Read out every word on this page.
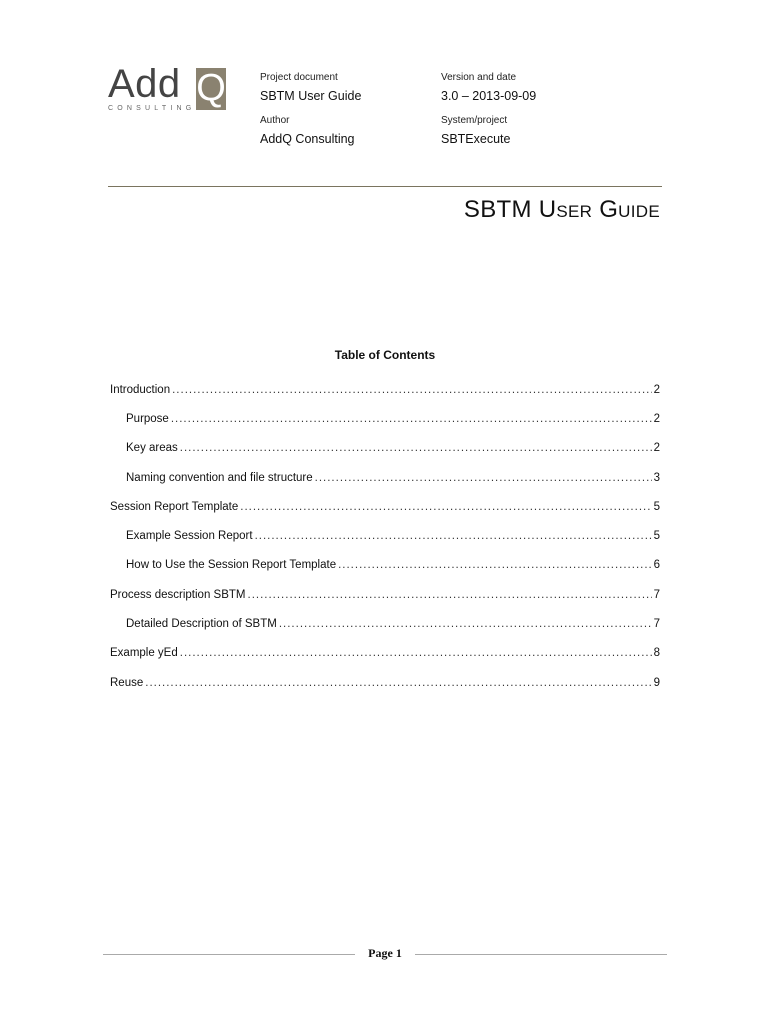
Add Q
CONSULTING
Project document
SBTM User Guide
Version and date
3.0 – 2013-09-09
Author
AddQ Consulting
System/project
SBTExecute
SBTM User Guide
Table of Contents
Introduction .....	2
Purpose .....	2
Key areas .....	2
Naming convention and file structure .....	3
Session Report Template .....	5
Example Session Report .....	5
How to Use the Session Report Template .....	6
Process description SBTM .....	7
Detailed Description of SBTM .....	7
Example yEd .....	8
Reuse .....	9
Page 1
